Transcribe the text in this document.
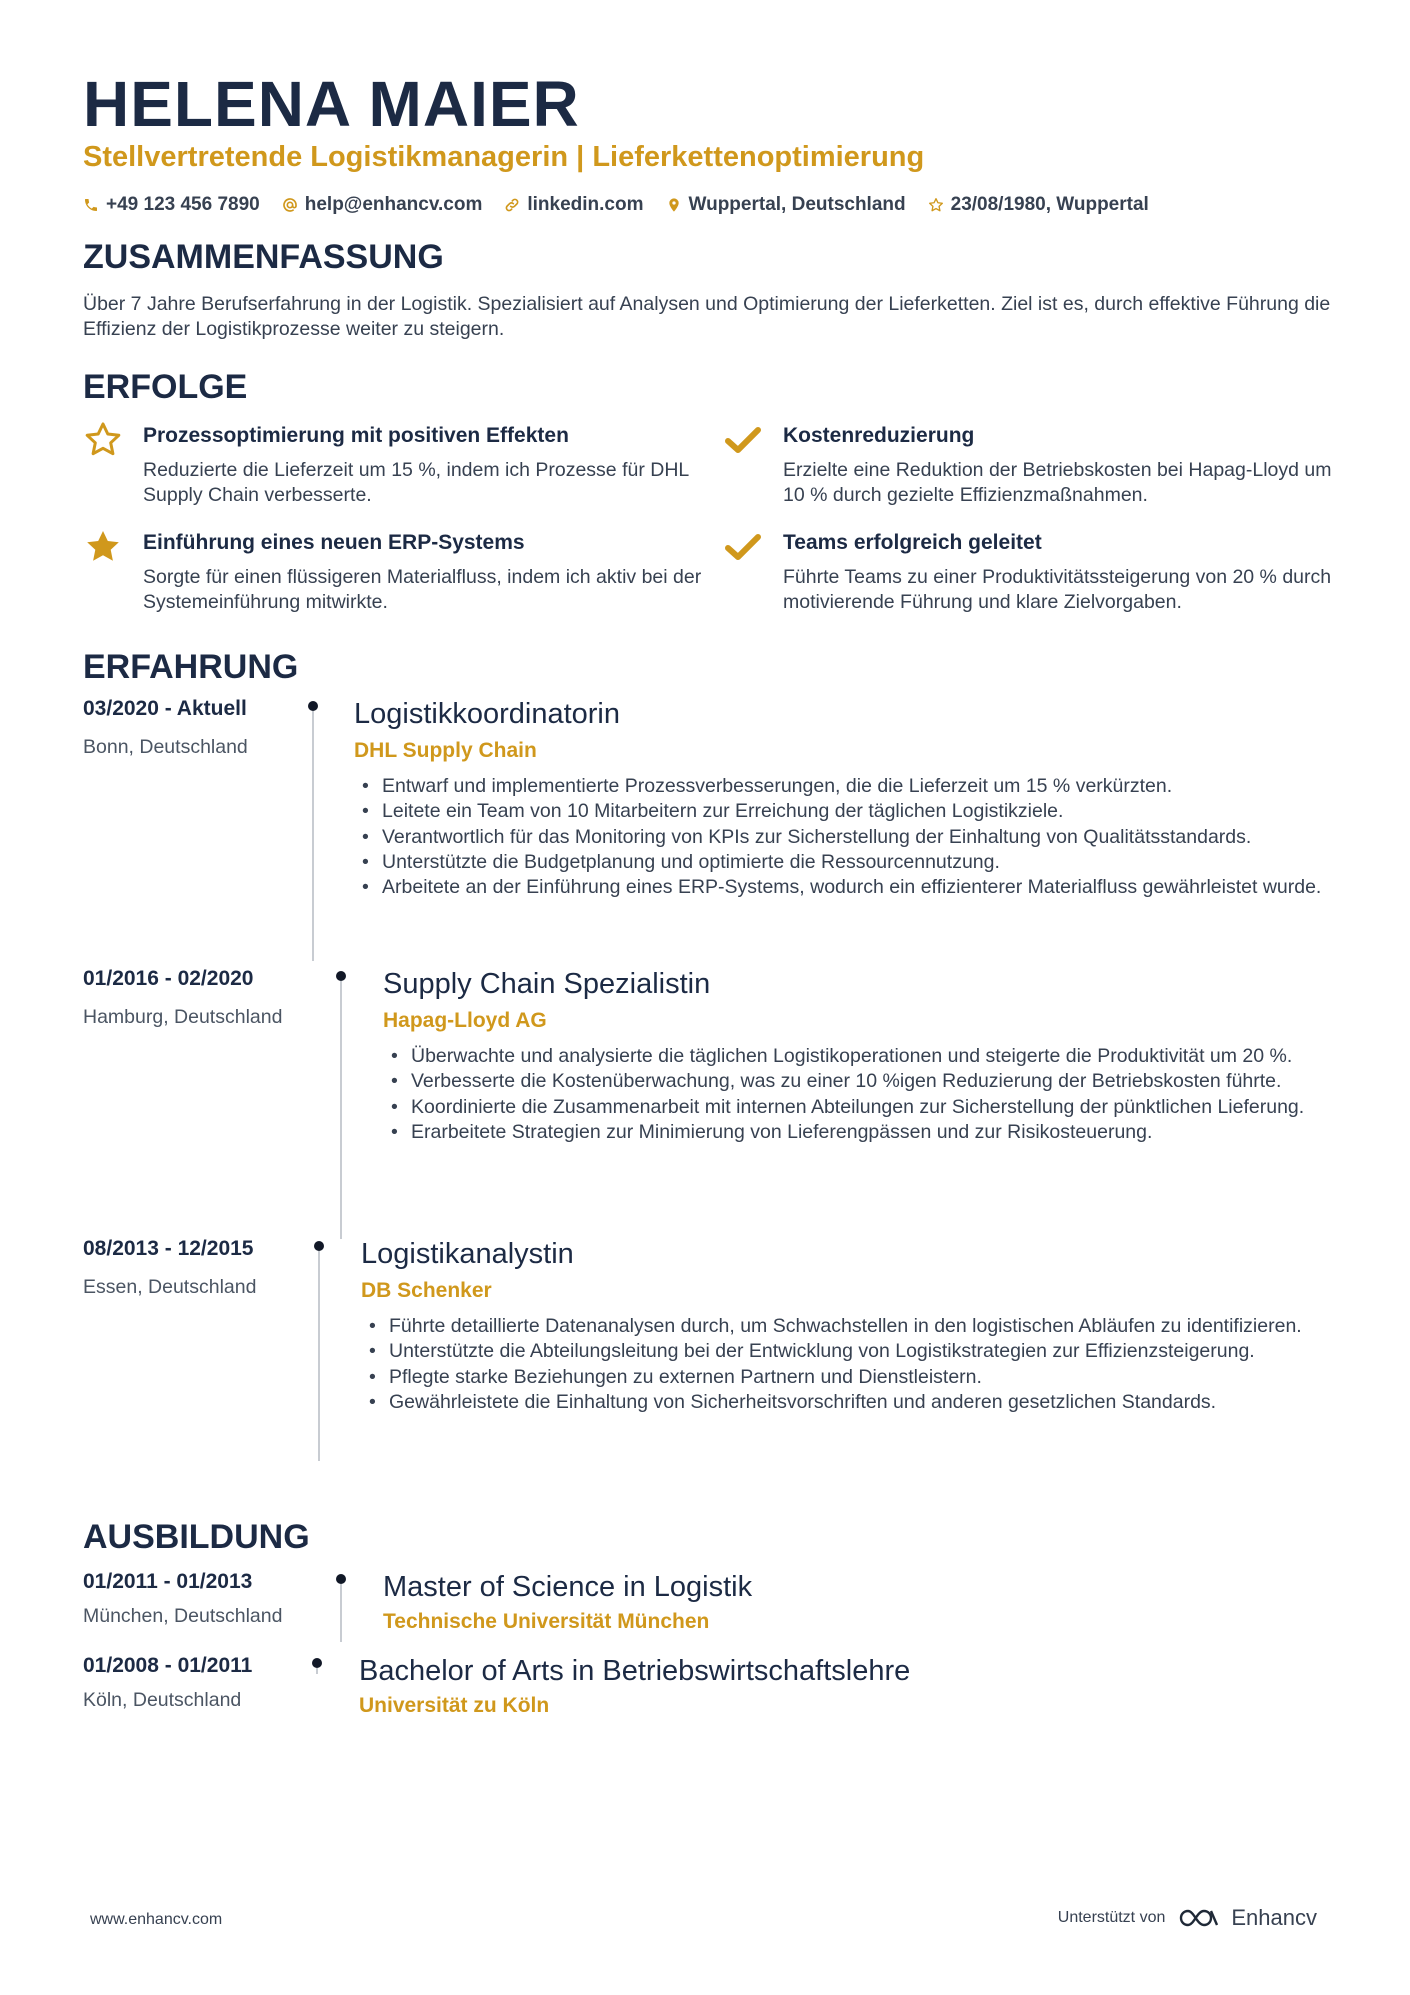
HELENA MAIER
Stellvertretende Logistikmanagerin | Lieferkettenoptimierung
+49 123 456 7890 help@enhancv.com linkedin.com Wuppertal, Deutschland 23/08/1980, Wuppertal
ZUSAMMENFASSUNG
Über 7 Jahre Berufserfahrung in der Logistik. Spezialisiert auf Analysen und Optimierung der Lieferketten. Ziel ist es, durch effektive Führung die Effizienz der Logistikprozesse weiter zu steigern.
ERFOLGE
Prozessoptimierung mit positiven Effekten
Reduzierte die Lieferzeit um 15 %, indem ich Prozesse für DHL Supply Chain verbesserte.
Kostenreduzierung
Erzielte eine Reduktion der Betriebskosten bei Hapag-Lloyd um 10 % durch gezielte Effizienzmaßnahmen.
Einführung eines neuen ERP-Systems
Sorgte für einen flüssigeren Materialfluss, indem ich aktiv bei der Systemeinführung mitwirkte.
Teams erfolgreich geleitet
Führte Teams zu einer Produktivitätssteigerung von 20 % durch motivierende Führung und klare Zielvorgaben.
ERFAHRUNG
03/2020 - Aktuell
Bonn, Deutschland
Logistikkoordinatorin
DHL Supply Chain
• Entwarf und implementierte Prozessverbesserungen, die die Lieferzeit um 15 % verkürzten.
• Leitete ein Team von 10 Mitarbeitern zur Erreichung der täglichen Logistikziele.
• Verantwortlich für das Monitoring von KPIs zur Sicherstellung der Einhaltung von Qualitätsstandards.
• Unterstützte die Budgetplanung und optimierte die Ressourcennutzung.
• Arbeitete an der Einführung eines ERP-Systems, wodurch ein effizienterer Materialfluss gewährleistet wurde.
01/2016 - 02/2020
Hamburg, Deutschland
Supply Chain Spezialistin
Hapag-Lloyd AG
• Überwachte und analysierte die täglichen Logistikoperationen und steigerte die Produktivität um 20 %.
• Verbesserte die Kostenüberwachung, was zu einer 10 %igen Reduzierung der Betriebskosten führte.
• Koordinierte die Zusammenarbeit mit internen Abteilungen zur Sicherstellung der pünktlichen Lieferung.
• Erarbeitete Strategien zur Minimierung von Lieferengpässen und zur Risikosteuerung.
08/2013 - 12/2015
Essen, Deutschland
Logistikanalystin
DB Schenker
• Führte detaillierte Datenanalysen durch, um Schwachstellen in den logistischen Abläufen zu identifizieren.
• Unterstützte die Abteilungsleitung bei der Entwicklung von Logistikstrategien zur Effizienzsteigerung.
• Pflegte starke Beziehungen zu externen Partnern und Dienstleistern.
• Gewährleistete die Einhaltung von Sicherheitsvorschriften und anderen gesetzlichen Standards.
AUSBILDUNG
01/2011 - 01/2013
München, Deutschland
Master of Science in Logistik
Technische Universität München
01/2008 - 01/2011
Köln, Deutschland
Bachelor of Arts in Betriebswirtschaftslehre
Universität zu Köln
www.enhancv.com	Unterstützt von	Enhancv
